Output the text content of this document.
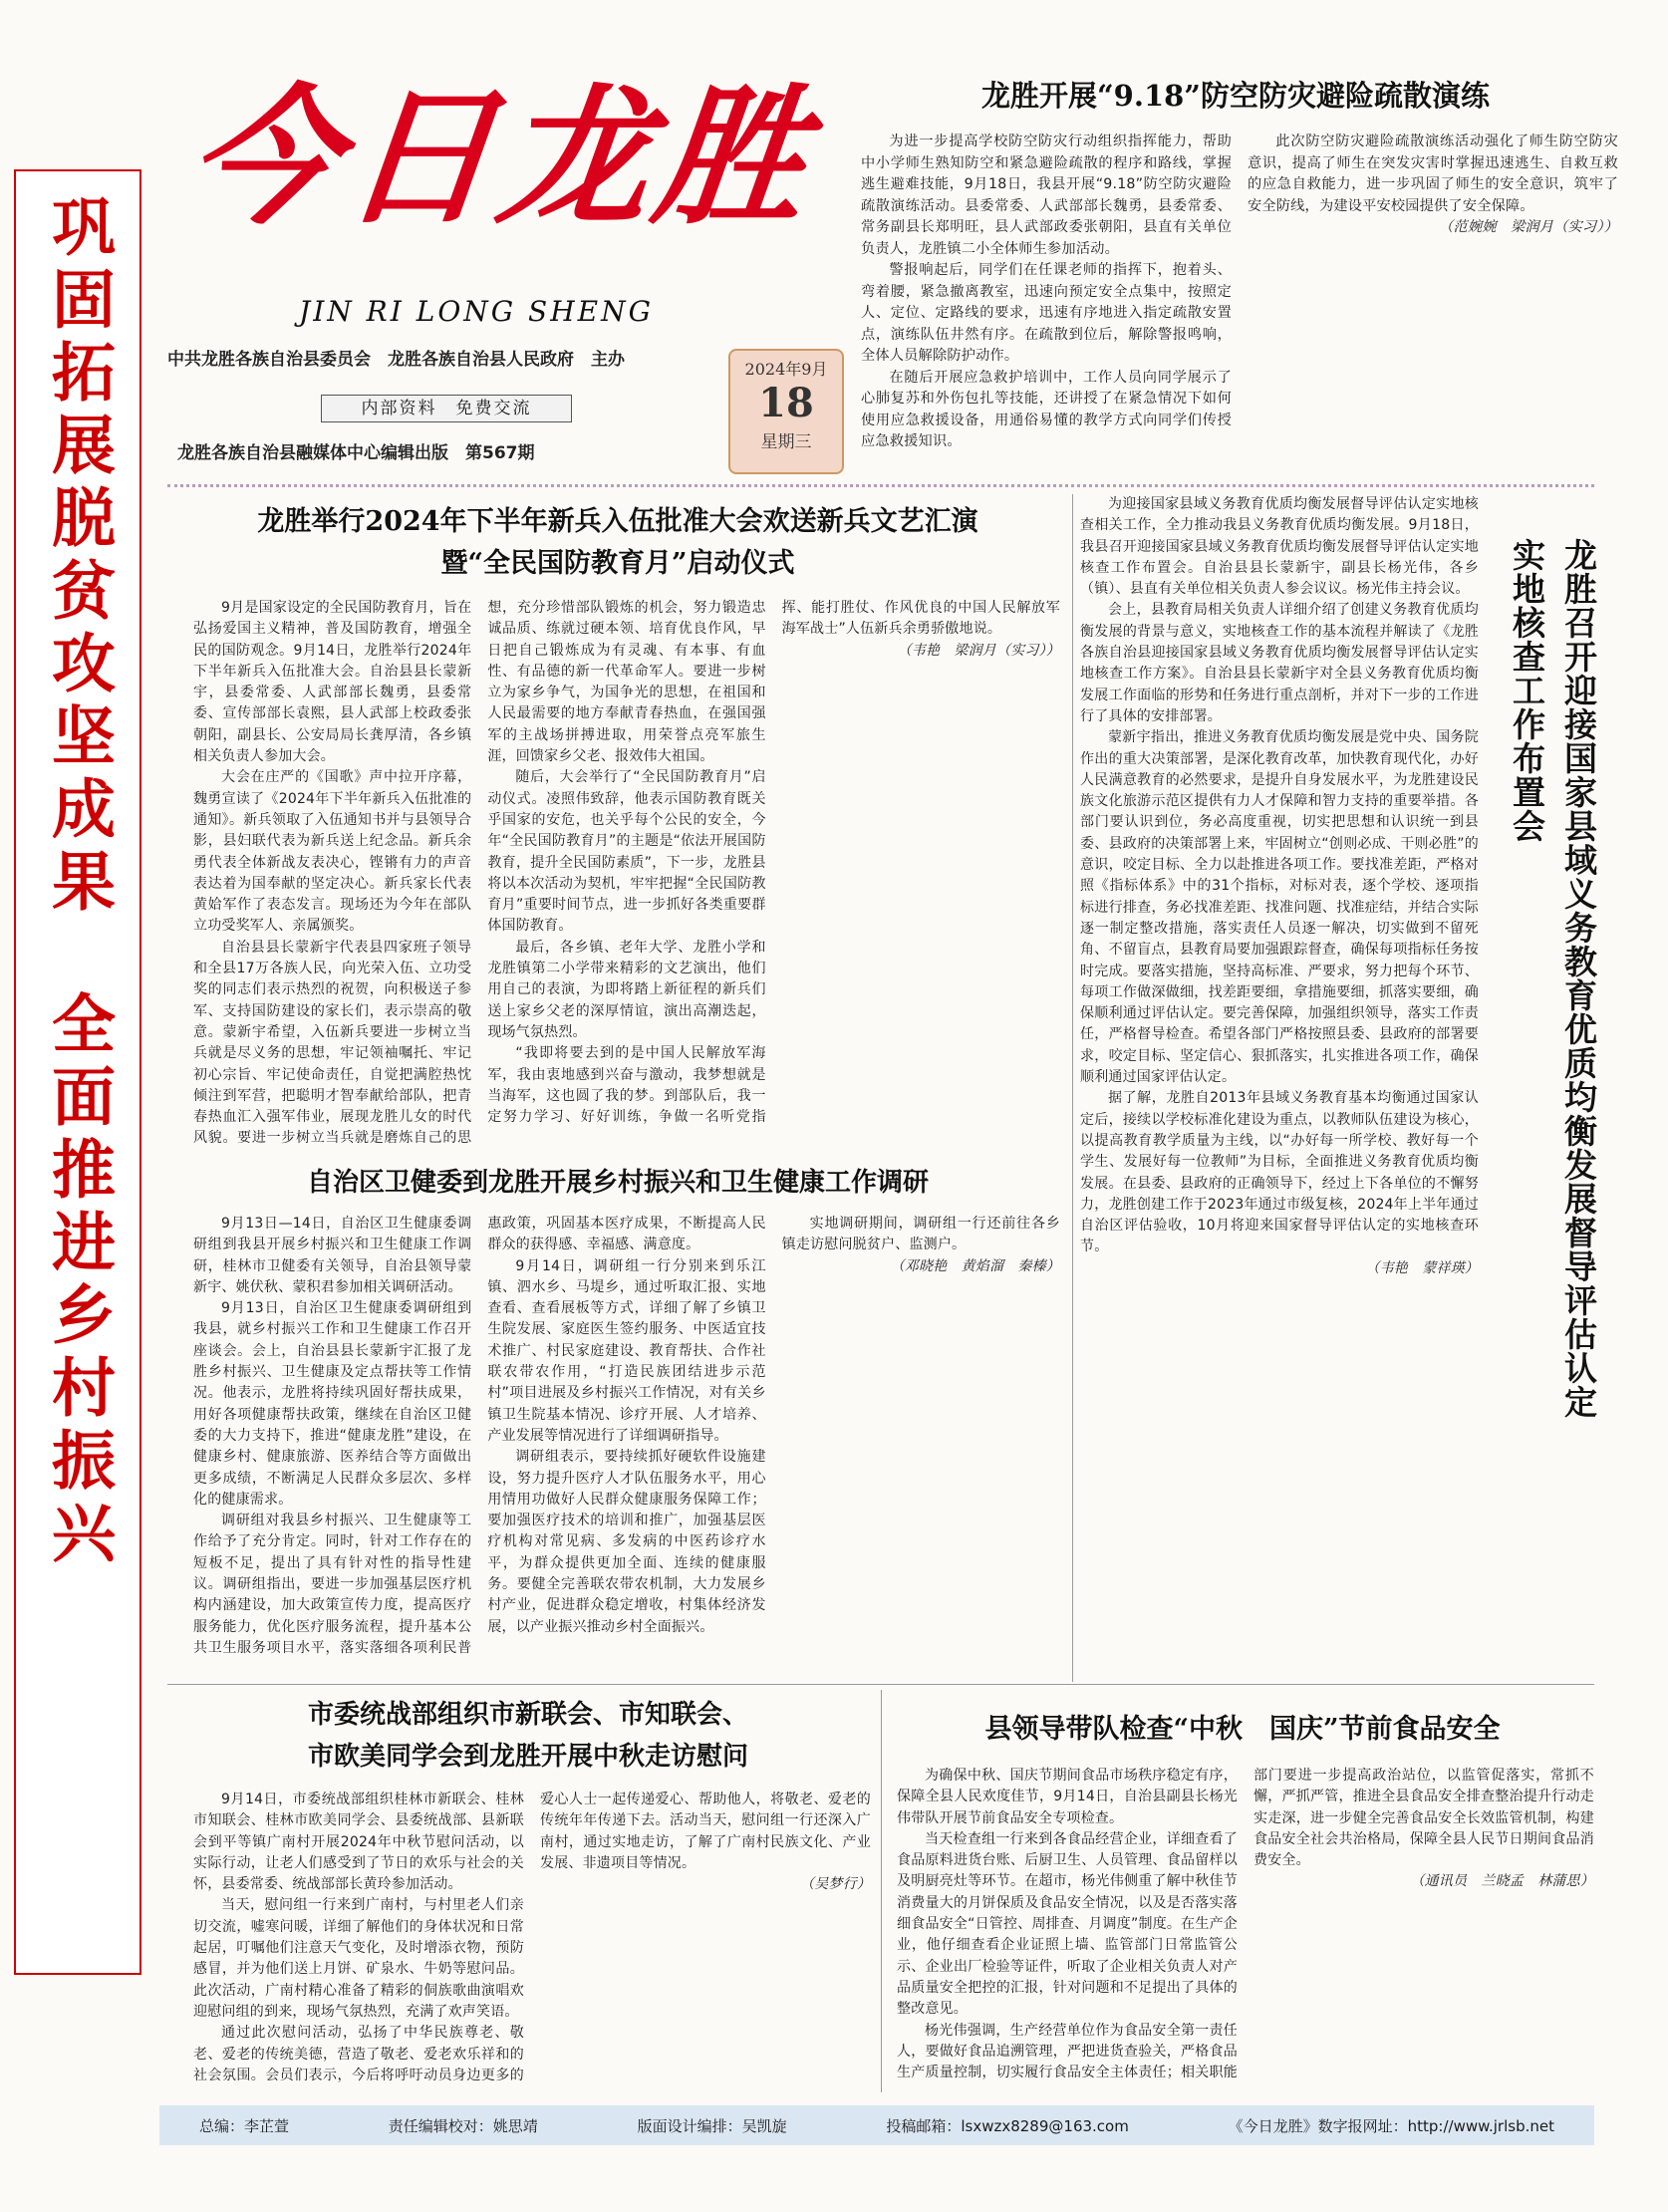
巩固拓展脱贫攻坚成果
全面推进乡村振兴
今日龙胜
JIN RI LONG SHENG
中共龙胜各族自治县委员会　龙胜各族自治县人民政府　主办
内部资料　免费交流
龙胜各族自治县融媒体中心编辑出版　第567期
2024年9月
18
星期三
龙胜开展“9.18”防空防灾避险疏散演练

为进一步提高学校防空防灾行动组织指挥能力，帮助中小学师生熟知防空和紧急避险疏散的程序和路线，掌握逃生避难技能，9月18日，我县开展“9.18”防空防灾避险疏散演练活动。县委常委、人武部部长魏勇，县委常委、常务副县长郑明旺，县人武部政委张朝阳，县直有关单位负责人，龙胜镇二小全体师生参加活动。

警报响起后，同学们在任课老师的指挥下，抱着头、弯着腰，紧急撤离教室，迅速向预定安全点集中，按照定人、定位、定路线的要求，迅速有序地进入指定疏散安置点，演练队伍井然有序。在疏散到位后，解除警报鸣响，全体人员解除防护动作。

在随后开展应急救护培训中，工作人员向同学展示了心肺复苏和外伤包扎等技能，还讲授了在紧急情况下如何使用应急救援设备，用通俗易懂的教学方式向同学们传授应急救援知识。

此次防空防灾避险疏散演练活动强化了师生防空防灾意识，提高了师生在突发灾害时掌握迅速逃生、自救互救的应急自救能力，进一步巩固了师生的安全意识，筑牢了安全防线，为建设平安校园提供了安全保障。

（范婉婉　梁润月（实习））

龙胜举行2024年下半年新兵入伍批准大会欢送新兵文艺汇演
暨“全民国防教育月”启动仪式

9月是国家设定的全民国防教育月，旨在弘扬爱国主义精神，普及国防教育，增强全民的国防观念。9月14日，龙胜举行2024年下半年新兵入伍批准大会。自治县县长蒙新宇，县委常委、人武部部长魏勇，县委常委、宣传部部长袁熙，县人武部上校政委张朝阳，副县长、公安局局长龚厚清，各乡镇相关负责人参加大会。

大会在庄严的《国歌》声中拉开序幕，魏勇宣读了《2024年下半年新兵入伍批准的通知》。新兵领取了入伍通知书并与县领导合影，县妇联代表为新兵送上纪念品。新兵余勇代表全体新战友表决心，铿锵有力的声音表达着为国奉献的坚定决心。新兵家长代表黄姶军作了表态发言。现场还为今年在部队立功受奖军人、亲属颁奖。

自治县县长蒙新宇代表县四家班子领导和全县17万各族人民，向光荣入伍、立功受奖的同志们表示热烈的祝贺，向积极送子参军、支持国防建设的家长们，表示崇高的敬意。蒙新宇希望，入伍新兵要进一步树立当兵就是尽义务的思想，牢记领袖嘱托、牢记初心宗旨、牢记使命责任，自觉把满腔热忱倾注到军营，把聪明才智奉献给部队，把青春热血汇入强军伟业，展现龙胜儿女的时代风貌。要进一步树立当兵就是磨炼自己的思想，充分珍惜部队锻炼的机会，努力锻造忠诚品质、练就过硬本领、培育优良作风，早日把自己锻炼成为有灵魂、有本事、有血性、有品德的新一代革命军人。要进一步树立为家乡争气，为国争光的思想，在祖国和人民最需要的地方奉献青春热血，在强国强军的主战场拼搏进取，用荣誉点亮军旅生涯，回馈家乡父老、报效伟大祖国。

随后，大会举行了“全民国防教育月”启动仪式。凌照伟致辞，他表示国防教育既关乎国家的安危，也关乎每个公民的安全，今年“全民国防教育月”的主题是“依法开展国防教育，提升全民国防素质”，下一步，龙胜县将以本次活动为契机，牢牢把握“全民国防教育月”重要时间节点，进一步抓好各类重要群体国防教育。

最后，各乡镇、老年大学、龙胜小学和龙胜镇第二小学带来精彩的文艺演出，他们用自己的表演，为即将踏上新征程的新兵们送上家乡父老的深厚情谊，演出高潮迭起，现场气氛热烈。

“我即将要去到的是中国人民解放军海军，我由衷地感到兴奋与激动，我梦想就是当海军，这也圆了我的梦。到部队后，我一定努力学习、好好训练，争做一名听党指挥、能打胜仗、作风优良的中国人民解放军海军战士”人伍新兵余勇骄傲地说。

（韦艳　梁润月（实习））

自治区卫健委到龙胜开展乡村振兴和卫生健康工作调研

9月13日—14日，自治区卫生健康委调研组到我县开展乡村振兴和卫生健康工作调研，桂林市卫健委有关领导，自治县领导蒙新宇、姚伏秋、蒙积君参加相关调研活动。

9月13日，自治区卫生健康委调研组到我县，就乡村振兴工作和卫生健康工作召开座谈会。会上，自治县县长蒙新宇汇报了龙胜乡村振兴、卫生健康及定点帮扶等工作情况。他表示，龙胜将持续巩固好帮扶成果，用好各项健康帮扶政策，继续在自治区卫健委的大力支持下，推进“健康龙胜”建设，在健康乡村、健康旅游、医养结合等方面做出更多成绩，不断满足人民群众多层次、多样化的健康需求。

调研组对我县乡村振兴、卫生健康等工作给予了充分肯定。同时，针对工作存在的短板不足，提出了具有针对性的指导性建议。调研组指出，要进一步加强基层医疗机构内涵建设，加大政策宣传力度，提高医疗服务能力，优化医疗服务流程，提升基本公共卫生服务项目水平，落实落细各项利民普惠政策，巩固基本医疗成果，不断提高人民群众的获得感、幸福感、满意度。

9月14日，调研组一行分别来到乐江镇、泗水乡、马堤乡，通过听取汇报、实地查看、查看展板等方式，详细了解了乡镇卫生院发展、家庭医生签约服务、中医适宜技术推广、村民家庭建设、教育帮扶、合作社联农带农作用，“打造民族团结进步示范村”项目进展及乡村振兴工作情况，对有关乡镇卫生院基本情况、诊疗开展、人才培养、产业发展等情况进行了详细调研指导。

调研组表示，要持续抓好硬软件设施建设，努力提升医疗人才队伍服务水平，用心用情用功做好人民群众健康服务保障工作；要加强医疗技术的培训和推广，加强基层医疗机构对常见病、多发病的中医药诊疗水平，为群众提供更加全面、连续的健康服务。要健全完善联农带农机制，大力发展乡村产业，促进群众稳定增收，村集体经济发展，以产业振兴推动乡村全面振兴。

实地调研期间，调研组一行还前往各乡镇走访慰问脱贫户、监测户。

（邓晓艳　黄焰溜　秦榛）

为迎接国家县域义务教育优质均衡发展督导评估认定实地核查相关工作，全力推动我县义务教育优质均衡发展。9月18日，我县召开迎接国家县域义务教育优质均衡发展督导评估认定实地核查工作布置会。自治县县长蒙新宇，副县长杨光伟，各乡（镇）、县直有关单位相关负责人参会议议。杨光伟主持会议。

会上，县教育局相关负责人详细介绍了创建义务教育优质均衡发展的背景与意义，实地核查工作的基本流程并解读了《龙胜各族自治县迎接国家县域义务教育优质均衡发展督导评估认定实地核查工作方案》。自治县县长蒙新宇对全县义务教育优质均衡发展工作面临的形势和任务进行重点剖析，并对下一步的工作进行了具体的安排部署。

蒙新宇指出，推进义务教育优质均衡发展是党中央、国务院作出的重大决策部署，是深化教育改革，加快教育现代化，办好人民满意教育的必然要求，是提升自身发展水平，为龙胜建设民族文化旅游示范区提供有力人才保障和智力支持的重要举措。各部门要认识到位，务必高度重视，切实把思想和认识统一到县委、县政府的决策部署上来，牢固树立“创则必成、干则必胜”的意识，咬定目标、全力以赴推进各项工作。要找准差距，严格对照《指标体系》中的31个指标，对标对表，逐个学校、逐项指标进行排查，务必找准差距、找准问题、找准症结，并结合实际逐一制定整改措施，落实责任人员逐一解决，切实做到不留死角、不留盲点，县教育局要加强跟踪督查，确保每项指标任务按时完成。要落实措施，坚持高标准、严要求，努力把每个环节、每项工作做深做细，找差距要细，拿措施要细，抓落实要细，确保顺利通过评估认定。要完善保障，加强组织领导，落实工作责任，严格督导检查。希望各部门严格按照县委、县政府的部署要求，咬定目标、坚定信心、狠抓落实，扎实推进各项工作，确保顺利通过国家评估认定。

据了解，龙胜自2013年县域义务教育基本均衡通过国家认定后，接续以学校标准化建设为重点，以教师队伍建设为核心，以提高教育教学质量为主线，以“办好每一所学校、教好每一个学生、发展好每一位教师”为目标，全面推进义务教育优质均衡发展。在县委、县政府的正确领导下，经过上下各单位的不懈努力，龙胜创建工作于2023年通过市级复核，2024年上半年通过自治区评估验收，10月将迎来国家督导评估认定的实地核查环节。

（韦艳　蒙祥瑛）	龙胜召开迎接国家县域义务教育优质均衡发展督导评估认定实地核查工作布置会
市委统战部组织市新联会、市知联会、
市欧美同学会到龙胜开展中秋走访慰问

9月14日，市委统战部组织桂林市新联会、桂林市知联会、桂林市欧美同学会、县委统战部、县新联会到平等镇广南村开展2024年中秋节慰问活动，以实际行动，让老人们感受到了节日的欢乐与社会的关怀，县委常委、统战部部长黄玲参加活动。

当天，慰问组一行来到广南村，与村里老人们亲切交流，嘘寒问暖，详细了解他们的身体状况和日常起居，叮嘱他们注意天气变化，及时增添衣物，预防感冒，并为他们送上月饼、矿泉水、牛奶等慰问品。此次活动，广南村精心准备了精彩的侗族歌曲演唱欢迎慰问组的到来，现场气氛热烈，充满了欢声笑语。

通过此次慰问活动，弘扬了中华民族尊老、敬老、爱老的传统美德，营造了敬老、爱老欢乐祥和的社会氛围。会员们表示，今后将呼吁动员身边更多的爱心人士一起传递爱心、帮助他人，将敬老、爱老的传统年年传递下去。活动当天，慰问组一行还深入广南村，通过实地走访，了解了广南村民族文化、产业发展、非遗项目等情况。

（吴梦行）

县领导带队检查“中秋　国庆”节前食品安全

为确保中秋、国庆节期间食品市场秩序稳定有序，保障全县人民欢度佳节，9月14日，自治县副县长杨光伟带队开展节前食品安全专项检查。

当天检查组一行来到各食品经营企业，详细查看了食品原料进货台账、后厨卫生、人员管理、食品留样以及明厨亮灶等环节。在超市，杨光伟侧重了解中秋佳节消费量大的月饼保质及食品安全情况，以及是否落实落细食品安全“日管控、周排查、月调度”制度。在生产企业，他仔细查看企业证照上墙、监管部门日常监管公示、企业出厂检验等证件，听取了企业相关负责人对产品质量安全把控的汇报，针对问题和不足提出了具体的整改意见。

杨光伟强调，生产经营单位作为食品安全第一责任人，要做好食品追溯管理，严把进货查验关，严格食品生产质量控制，切实履行食品安全主体责任；相关职能部门要进一步提高政治站位，以监管促落实，常抓不懈，严抓严管，推进全县食品安全排查整治提升行动走实走深，进一步健全完善食品安全长效监管机制，构建食品安全社会共治格局，保障全县人民节日期间食品消费安全。

（通讯员　兰晓孟　林蒲思）

总编：李芷萱	责任编辑校对：姚思靖	版面设计编排：吴凯旋	投稿邮箱：lsxwzx8289@163.com	《今日龙胜》数字报网址：http://www.jrlsb.net
